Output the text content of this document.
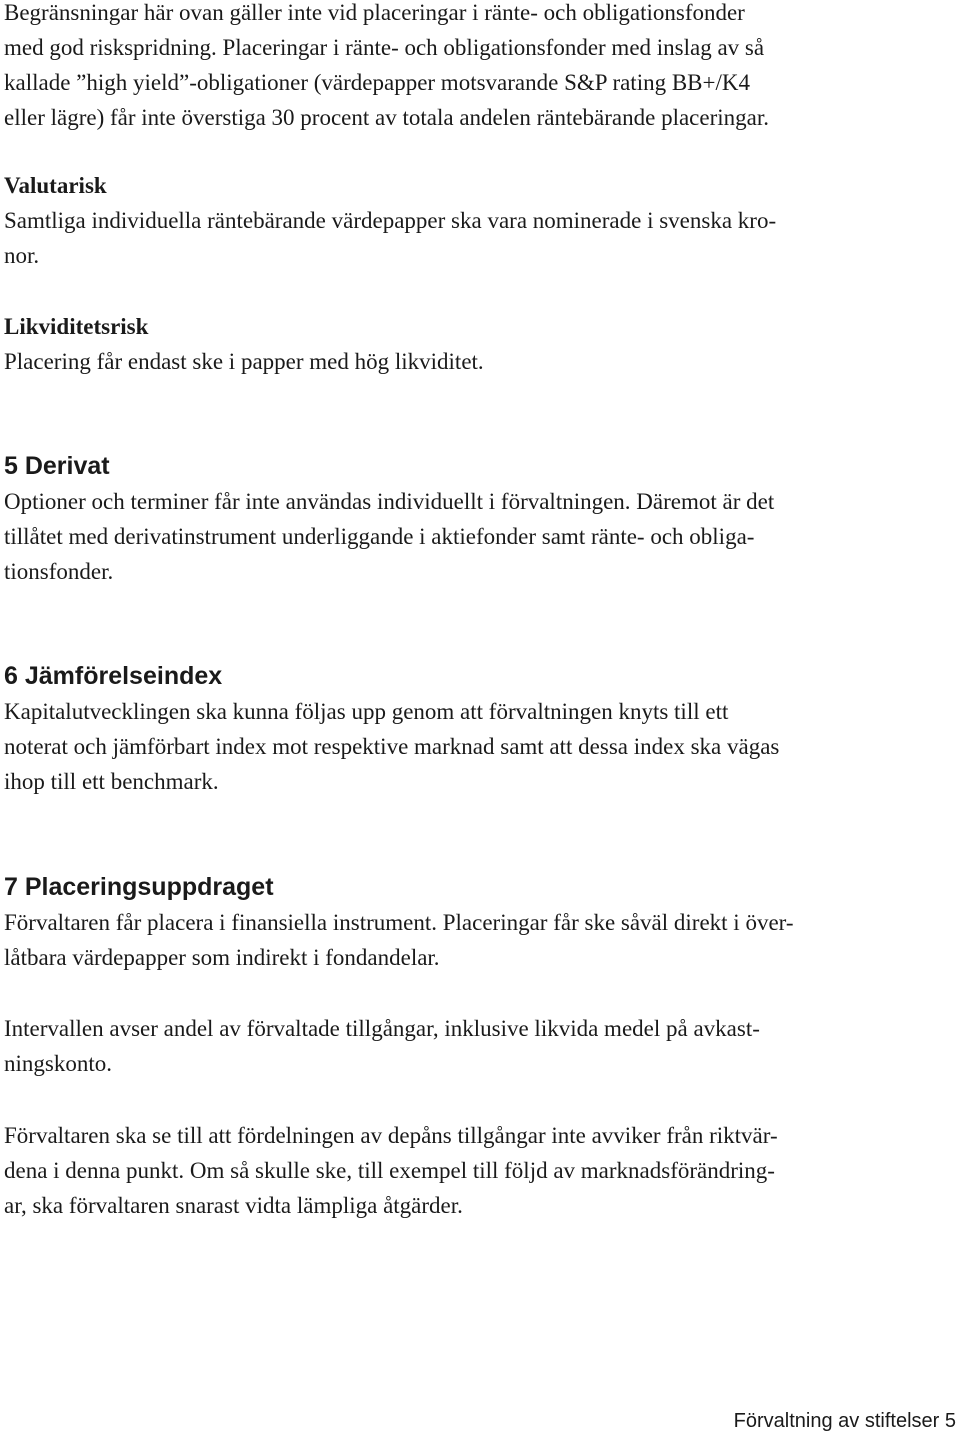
Begränsningar här ovan gäller inte vid placeringar i ränte- och obligationsfonder
med god riskspridning. Placeringar i ränte- och obligationsfonder med inslag av så
kallade ”high yield”-obligationer (värdepapper motsvarande S&P rating BB+/K4
eller lägre) får inte överstiga 30 procent av totala andelen räntebärande placeringar.

Valutarisk

Samtliga individuella räntebärande värdepapper ska vara nominerade i svenska kro-
nor.

Likviditetsrisk

Placering får endast ske i papper med hög likviditet.

5 Derivat

Optioner och terminer får inte användas individuellt i förvaltningen. Däremot är det
tillåtet med derivatinstrument underliggande i aktiefonder samt ränte- och obliga-
tionsfonder.

6 Jämförelseindex

Kapitalutvecklingen ska kunna följas upp genom att förvaltningen knyts till ett
noterat och jämförbart index mot respektive marknad samt att dessa index ska vägas
ihop till ett benchmark.

7 Placeringsuppdraget

Förvaltaren får placera i finansiella instrument. Placeringar får ske såväl direkt i över-
låtbara värdepapper som indirekt i fondandelar.

Intervallen avser andel av förvaltade tillgångar, inklusive likvida medel på avkast-
ningskonto.

Förvaltaren ska se till att fördelningen av depåns tillgångar inte avviker från riktvär-
dena i denna punkt. Om så skulle ske, till exempel till följd av marknadsförändring-
ar, ska förvaltaren snarast vidta lämpliga åtgärder.

Förvaltning av stiftelser 5
